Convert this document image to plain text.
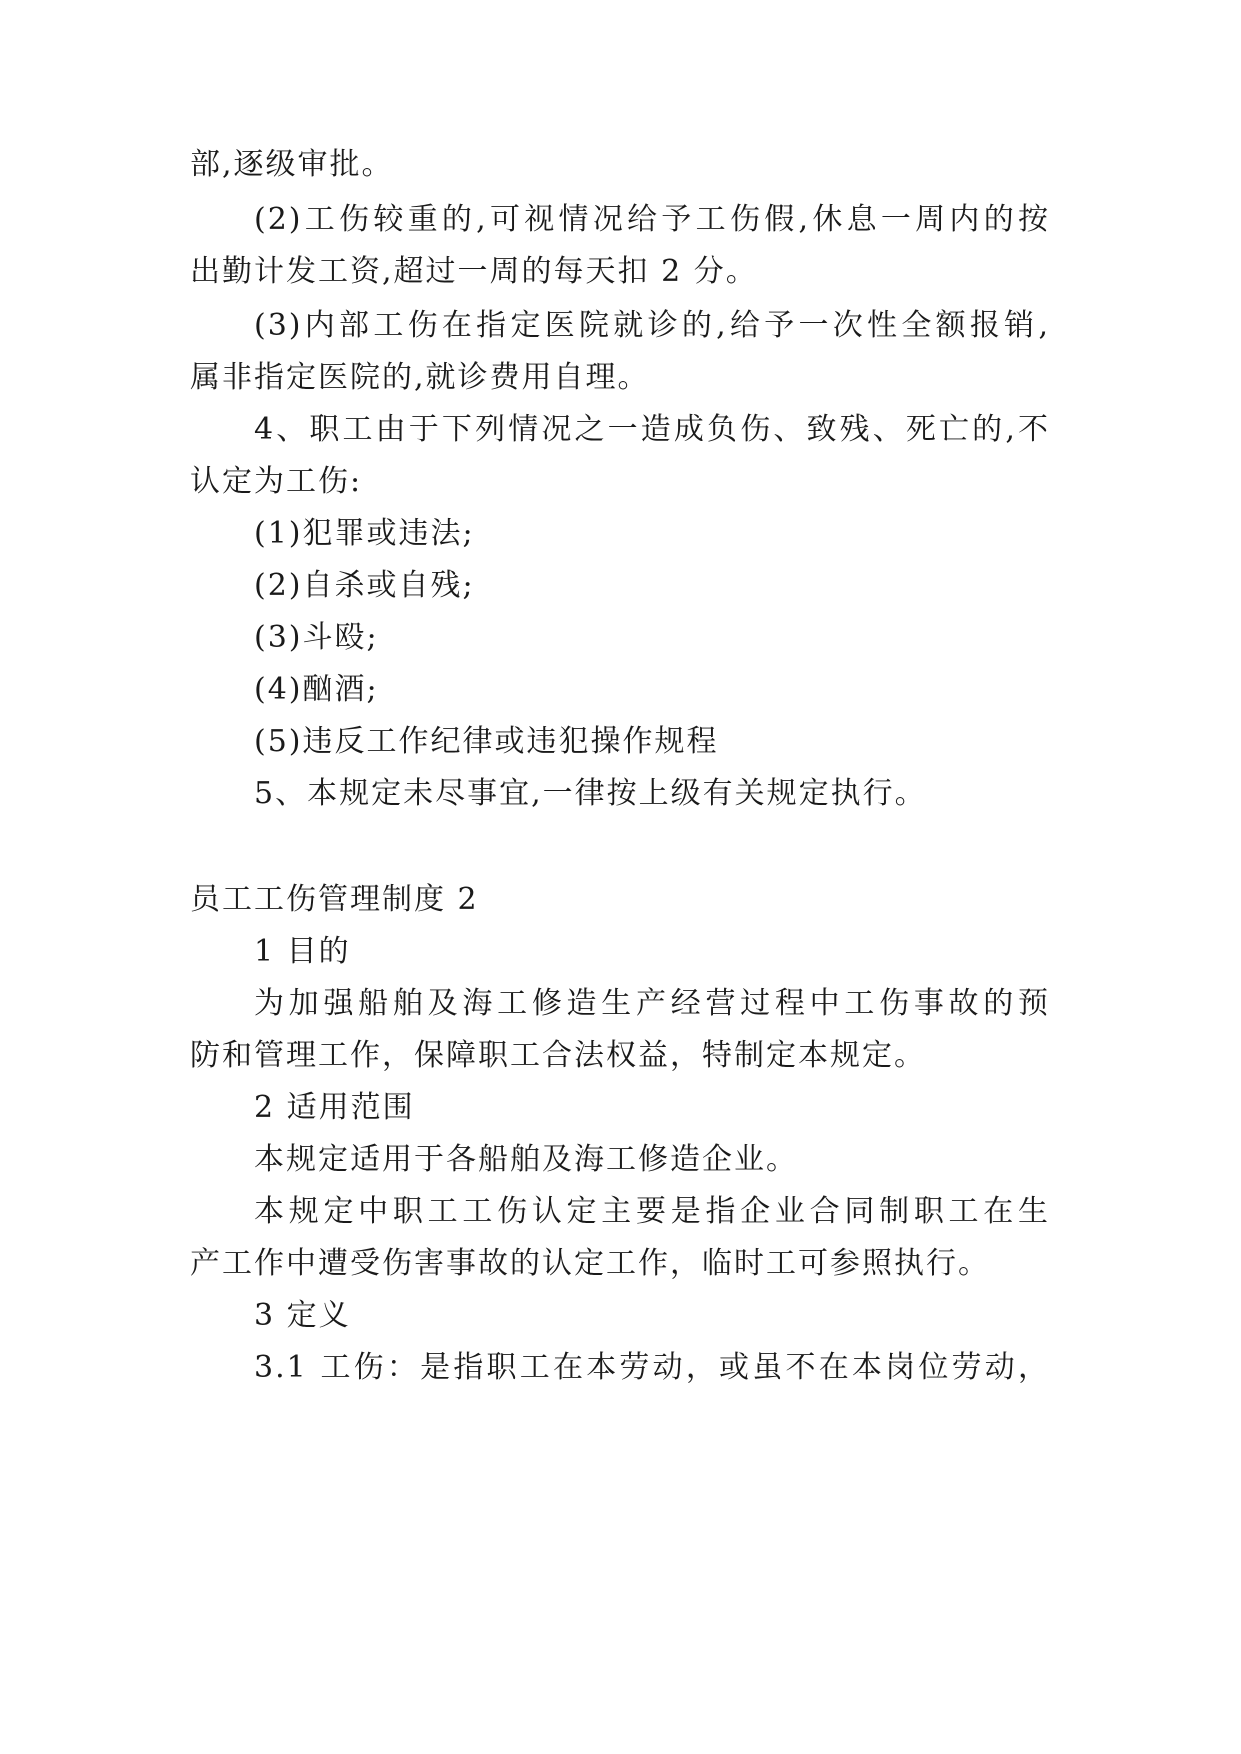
部,逐级审批。
(2)工伤较重的,可视情况给予工伤假,休息一周内的按
出勤计发工资,超过一周的每天扣 2 分。
(3)内部工伤在指定医院就诊的,给予一次性全额报销,
属非指定医院的,就诊费用自理。
4、职工由于下列情况之一造成负伤、致残、死亡的,不
认定为工伤:
(1)犯罪或违法;
(2)自杀或自残;
(3)斗殴;
(4)酗酒;
(5)违反工作纪律或违犯操作规程
5、本规定未尽事宜,一律按上级有关规定执行。
员工工伤管理制度 2
1 目的
为加强船舶及海工修造生产经营过程中工伤事故的预
防和管理工作，保障职工合法权益，特制定本规定。
2 适用范围
本规定适用于各船舶及海工修造企业。
本规定中职工工伤认定主要是指企业合同制职工在生
产工作中遭受伤害事故的认定工作，临时工可参照执行。
3 定义
3.1 工伤：是指职工在本劳动，或虽不在本岗位劳动，
